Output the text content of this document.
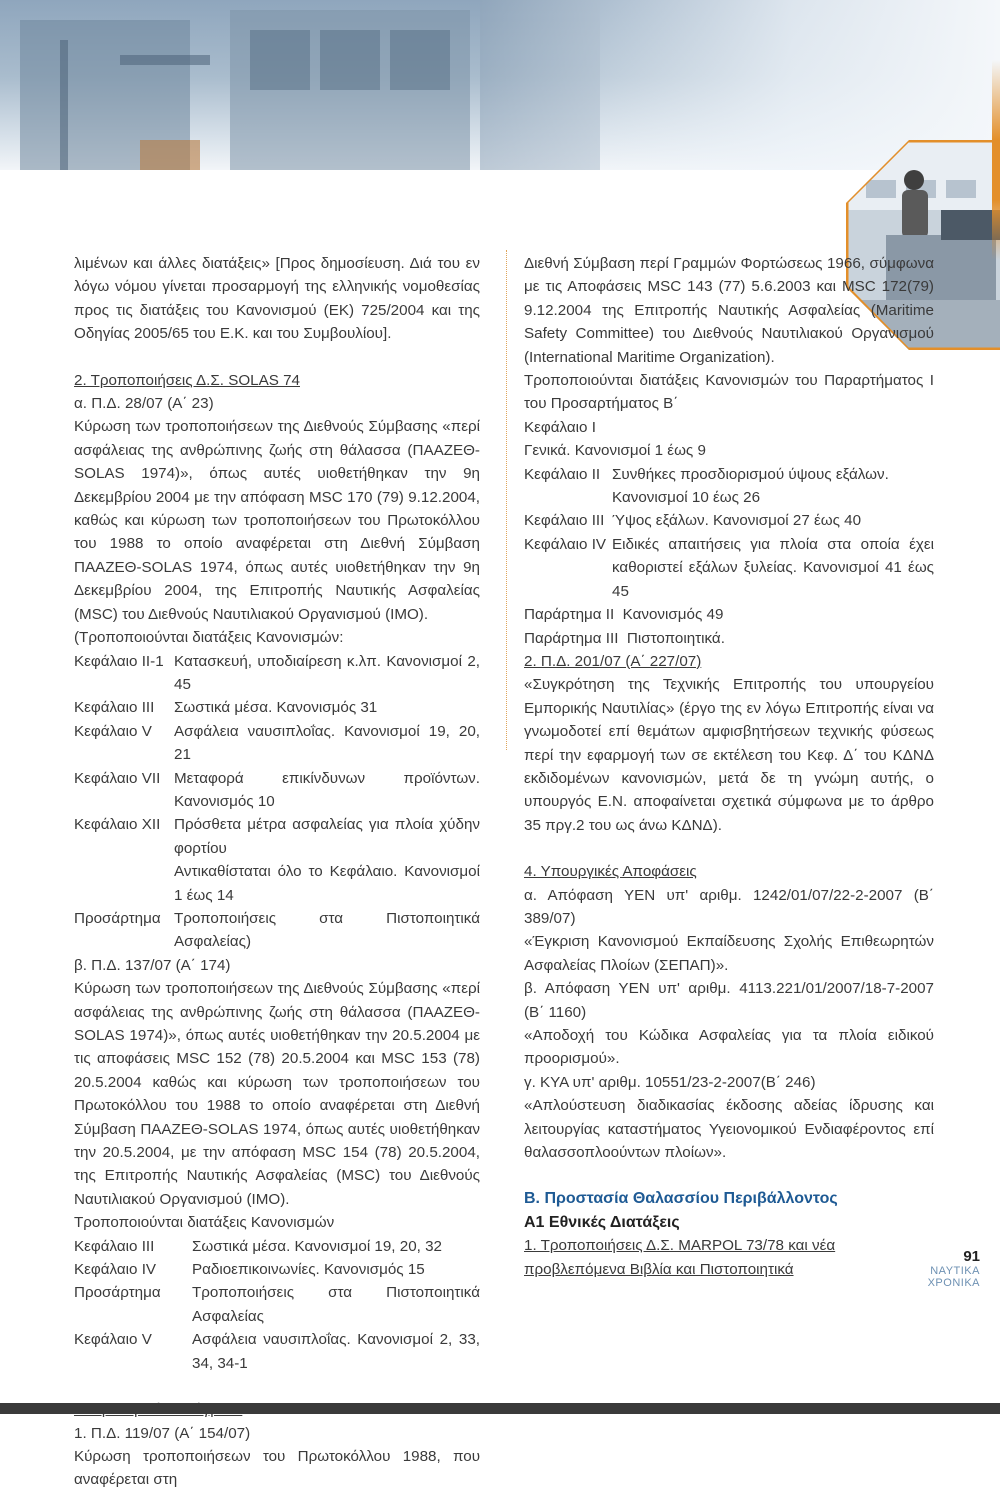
λιμένων και άλλες διατάξεις» [Προς δημοσίευση. Διά του εν λόγω νόμου γίνεται προσαρμογή της ελληνικής νομοθεσίας προς τις διατάξεις του Κανονισμού (ΕΚ) 725/2004 και της Οδηγίας 2005/65 του Ε.Κ. και του Συμβουλίου].

2. Τροποποιήσεις Δ.Σ. SOLAS 74

α. Π.Δ. 28/07 (Α΄ 23)

Κύρωση των τροποποιήσεων της Διεθνούς Σύμβασης «περί ασφάλειας της ανθρώπινης ζωής στη θάλασσα (ΠΑΑΖΕΘ-SOLAS 1974)», όπως αυτές υιοθετήθηκαν την 9η Δεκεμβρίου 2004 με την απόφαση MSC 170 (79) 9.12.2004, καθώς και κύρωση των τροποποιήσεων του Πρωτοκόλλου του 1988 το οποίο αναφέρεται στη Διεθνή Σύμβαση ΠΑΑΖΕΘ-SOLAS 1974, όπως αυτές υιοθετήθηκαν την 9η Δεκεμβρίου 2004, της Επιτροπής Ναυτικής Ασφαλείας (MSC) του Διεθνούς Ναυτιλιακού Οργανισμού (IMO).

(Τροποποιούνται διατάξεις Κανονισμών:

Κεφάλαιο ΙΙ-1 Κατασκευή, υποδιαίρεση κ.λπ. Κανονισμοί 2, 45
Κεφάλαιο ΙΙΙ	Σωστικά μέσα. Κανονισμός 31
Κεφάλαιο V	Ασφάλεια ναυσιπλοΐας. Κανονισμοί 19, 20, 21
Κεφάλαιο VII Μεταφορά επικίνδυνων προϊόντων. Κανονισμός 10
Κεφάλαιο XII Πρόσθετα μέτρα ασφαλείας για πλοία χύδην φορτίου

Αντικαθίσταται όλο το Κεφάλαιο. Κανονισμοί 1 έως 14

Προσάρτημα Τροποποιήσεις στα Πιστοποιητικά Ασφαλείας)

β. Π.Δ. 137/07 (Α΄ 174)

Κύρωση των τροποποιήσεων της Διεθνούς Σύμβασης «περί ασφάλειας της ανθρώπινης ζωής στη θάλασσα (ΠΑΑΖΕΘ-SOLAS 1974)», όπως αυτές υιοθετήθηκαν την 20.5.2004 με τις αποφάσεις MSC 152 (78) 20.5.2004 και MSC 153 (78) 20.5.2004 καθώς και κύρωση των τροποποιήσεων του Πρωτοκόλλου του 1988 το οποίο αναφέρεται στη Διεθνή Σύμβαση ΠΑΑΖΕΘ-SOLAS 1974, όπως αυτές υιοθετήθηκαν την 20.5.2004, με την απόφαση MSC 154 (78) 20.5.2004, της Επιτροπής Ναυτικής Ασφαλείας (MSC) του Διεθνούς Ναυτιλιακού Οργανισμού (IMO).

Τροποποιούνται διατάξεις Κανονισμών

Κεφάλαιο ΙΙΙ	Σωστικά μέσα. Κανονισμοί 19, 20, 32
Κεφάλαιο IV	Ραδιοεπικοινωνίες. Κανονισμός 15
Προσάρτημα	Τροποποιήσεις στα Πιστοποιητικά Ασφαλείας
Κεφάλαιο V	Ασφάλεια ναυσιπλοΐας. Κανονισμοί 2, 33, 34, 34-1

1. Π.Δ. 119/07 (Α΄ 154/07)

Κύρωση τροποποιήσεων του Πρωτοκόλλου 1988, που αναφέρεται στη

Διεθνή Σύμβαση περί Γραμμών Φορτώσεως 1966, σύμφωνα με τις Αποφάσεις MSC 143 (77) 5.6.2003 και MSC 172(79) 9.12.2004 της Επιτροπής Ναυτικής Ασφαλείας (Maritime Safety Committee) του Διεθνούς Ναυτιλιακού Οργανισμού (International Maritime Organization).

Τροποποιούνται διατάξεις Κανονισμών του Παραρτήματος Ι του Προσαρτήματος Β΄

Κεφάλαιο Ι

Γενικά. Κανονισμοί 1 έως 9

Κεφάλαιο ΙΙ Συνθήκες προσδιορισμού ύψους εξάλων.

Κανονισμοί 10 έως 26

Κεφάλαιο ΙΙΙ Ύψος εξάλων. Κανονισμοί 27 έως 40
Κεφάλαιο IV Ειδικές απαιτήσεις για πλοία στα οποία έχει καθοριστεί εξάλων ξυλείας. Κανονισμοί 41 έως 45

Παράρτημα ΙΙ  Κανονισμός 49

Παράρτημα ΙΙΙ  Πιστοποιητικά.

2. Π.Δ. 201/07 (Α΄ 227/07)

«Συγκρότηση της Τεχνικής Επιτροπής του υπουργείου Εμπορικής Ναυτιλίας» (έργο της εν λόγω Επιτροπής είναι να γνωμοδοτεί επί θεμάτων αμφισβητήσεων τεχνικής φύσεως περί την εφαρμογή των σε εκτέλεση του Κεφ. Δ΄ του ΚΔΝΔ εκδιδομένων κανονισμών, μετά δε τη γνώμη αυτής, ο υπουργός Ε.Ν. αποφαίνεται σχετικά σύμφωνα με το άρθρο 35 πργ.2 του ως άνω ΚΔΝΔ).

4. Υπουργικές Αποφάσεις

α. Απόφαση ΥΕΝ υπ' αριθμ. 1242/01/07/22-2-2007 (Β΄ 389/07)

«Έγκριση Κανονισμού Εκπαίδευσης Σχολής Επιθεωρητών Ασφαλείας Πλοίων (ΣΕΠΑΠ)».

β. Απόφαση ΥΕΝ υπ' αριθμ. 4113.221/01/2007/18-7-2007 (Β΄ 1160)

«Αποδοχή του Κώδικα Ασφαλείας για τα πλοία ειδικού προορισμού».

γ. ΚΥΑ υπ' αριθμ. 10551/23-2-2007(Β΄ 246)

«Απλούστευση διαδικασίας έκδοσης αδείας ίδρυσης και λειτουργίας καταστήματος Υγειονομικού Ενδιαφέροντος επί θαλασσοπλοούντων πλοίων».

Β. Προστασία Θαλασσίου Περιβάλλοντος

Α1 Εθνικές Διατάξεις

1. Τροποποιήσεις Δ.Σ. MARPOL 73/78 και νέα προβλεπόμενα Βιβλία και Πιστοποιητικά

91
ΝΑΥΤΙΚΑ
ΧΡΟΝΙΚΑ
